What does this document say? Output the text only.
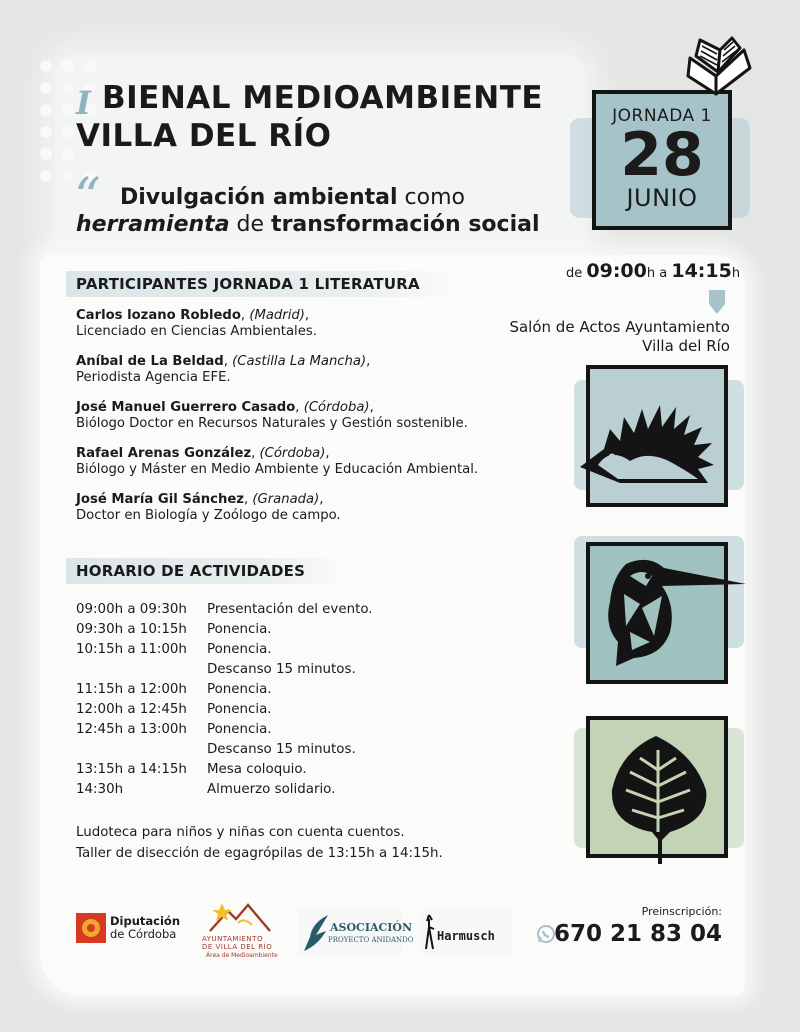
I BIENAL MEDIOAMBIENTE
VILLA DEL RÍO
“ Divulgación ambiental como
herramienta de transformación social
JORNADA 1
28
JUNIO
de 09:00h a 14:15h
Salón de Actos Ayuntamiento
Villa del Río
PARTICIPANTES JORNADA 1 LITERATURA
Carlos lozano Robledo, (Madrid),
Licenciado en Ciencias Ambientales.
Aníbal de La Beldad, (Castilla La Mancha),
Periodista Agencia EFE.
José Manuel Guerrero Casado, (Córdoba),
Biólogo Doctor en Recursos Naturales y Gestión sostenible.
Rafael Arenas González, (Córdoba),
Biólogo y Máster en Medio Ambiente y Educación Ambiental.
José María Gil Sánchez, (Granada),
Doctor en Biología y Zoólogo de campo.
HORARIO DE ACTIVIDADES
09:00h a 09:30h	Presentación del evento.
09:30h a 10:15h	Ponencia.
10:15h a 11:00h	Ponencia.
Descanso 15 minutos.
11:15h a 12:00h	Ponencia.
12:00h a 12:45h	Ponencia.
12:45h a 13:00h	Ponencia.
Descanso 15 minutos.
13:15h a 14:15h	Mesa coloquio.
14:30h	Almuerzo solidario.
Ludoteca para niños y niñas con cuenta cuentos.
Taller de disección de egagrópilas de 13:15h a 14:15h.
Diputación
de Córdoba	AYUNTAMIENTO
DE VILLA DEL RÍO
Área de Medioambiente
ASOCIACIÓN
PROYECTO ANIDANDO Harmusch
Preinscripción:
670 21 83 04
